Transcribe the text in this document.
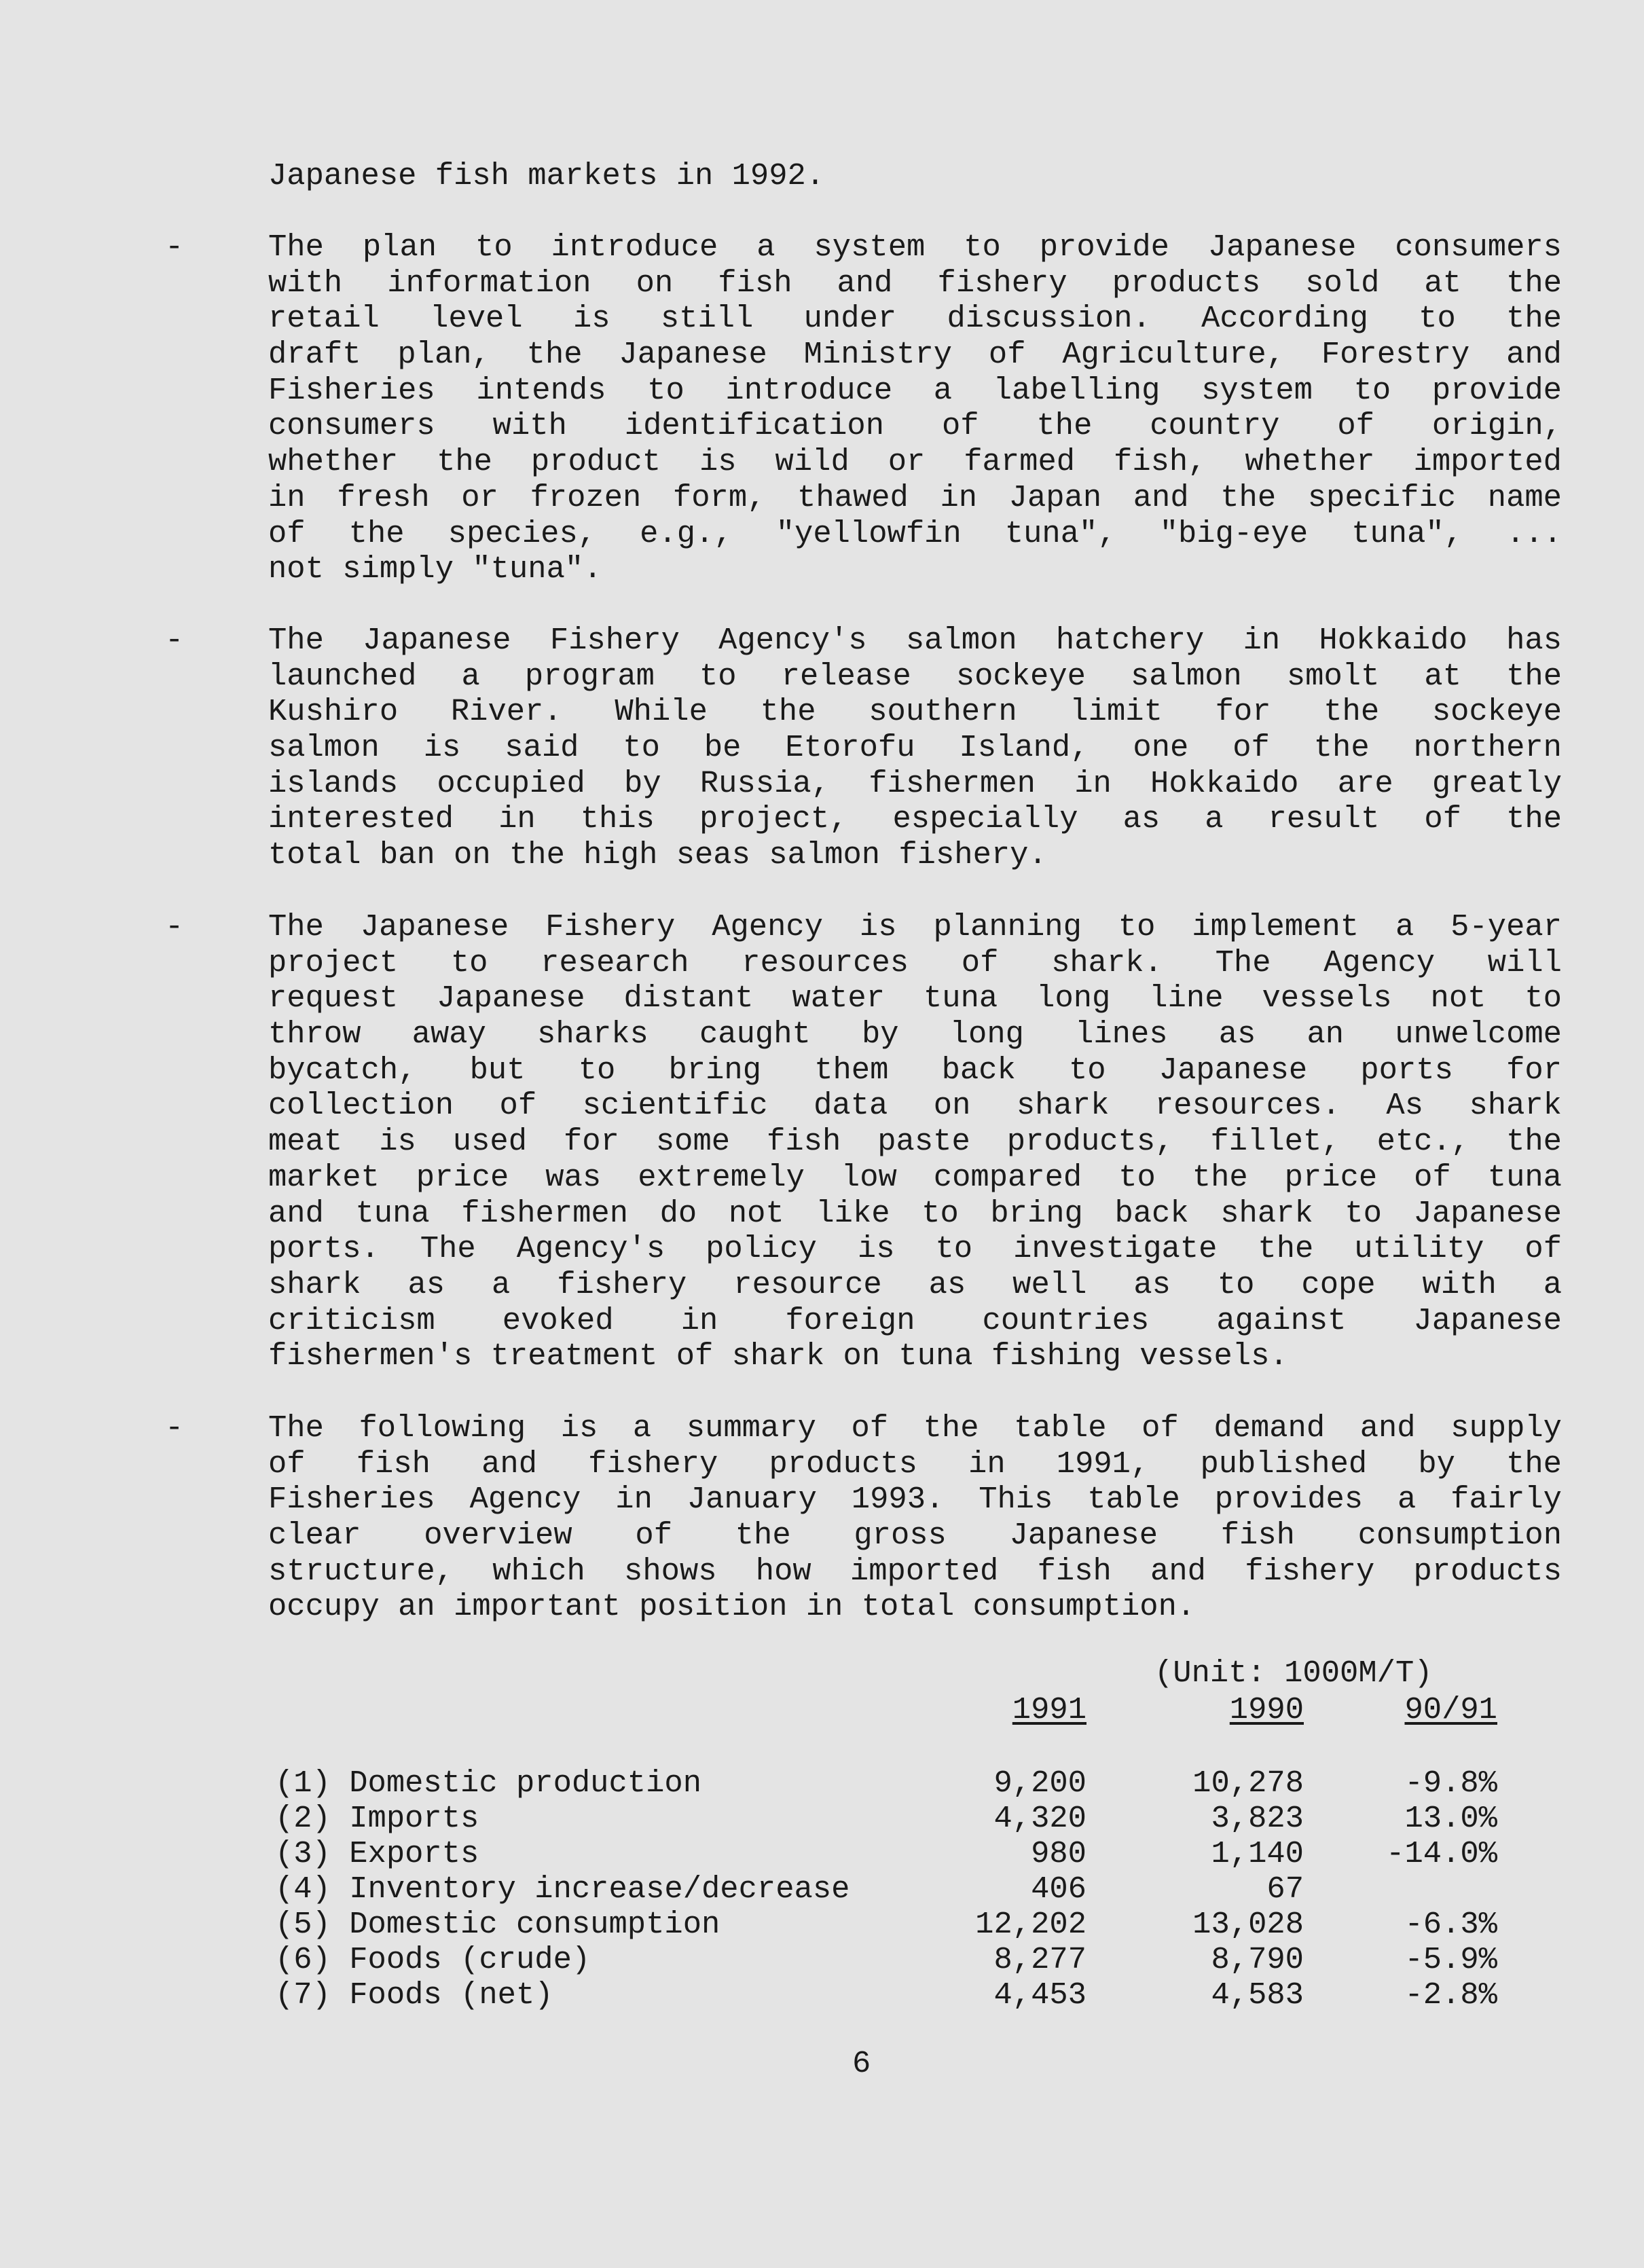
Japanese fish markets in 1992.
-	The plan to introduce a system to provide Japanese consumers
with information on fish and fishery products sold at the
retail level is still under discussion. According to the
draft plan, the Japanese Ministry of Agriculture, Forestry and
Fisheries intends to introduce a labelling system to provide
consumers with identification of the country of origin,
whether the product is wild or farmed fish, whether imported
in fresh or frozen form, thawed in Japan and the specific name
of the species, e.g., "yellowfin tuna", "big-eye tuna", ...
not simply "tuna".
-	The Japanese Fishery Agency's salmon hatchery in Hokkaido has
launched a program to release sockeye salmon smolt at the
Kushiro River. While the southern limit for the sockeye
salmon is said to be Etorofu Island, one of the northern
islands occupied by Russia, fishermen in Hokkaido are greatly
interested in this project, especially as a result of the
total ban on the high seas salmon fishery.
-	The Japanese Fishery Agency is planning to implement a 5-year
project to research resources of shark. The Agency will
request Japanese distant water tuna long line vessels not to
throw away sharks caught by long lines as an unwelcome
bycatch, but to bring them back to Japanese ports for
collection of scientific data on shark resources. As shark
meat is used for some fish paste products, fillet, etc., the
market price was extremely low compared to the price of tuna
and tuna fishermen do not like to bring back shark to Japanese
ports. The Agency's policy is to investigate the utility of
shark as a fishery resource as well as to cope with a
criticism evoked in foreign countries against Japanese
fishermen's treatment of shark on tuna fishing vessels.
-	The following is a summary of the table of demand and supply
of fish and fishery products in 1991, published by the
Fisheries Agency in January 1993. This table provides a fairly
clear overview of the gross Japanese fish consumption
structure, which shows how imported fish and fishery products
occupy an important position in total consumption.
(Unit: 1000M/T)
1991	1990	90/91
(1) Domestic production	9,200	10,278	-9.8%
(2) Imports	4,320	3,823	13.0%
(3) Exports	980	1,140	-14.0%
(4) Inventory increase/decrease	406	67
(5) Domestic consumption	12,202	13,028	-6.3%
(6) Foods (crude)	8,277	8,790	-5.9%
(7) Foods (net)	4,453	4,583	-2.8%
6
